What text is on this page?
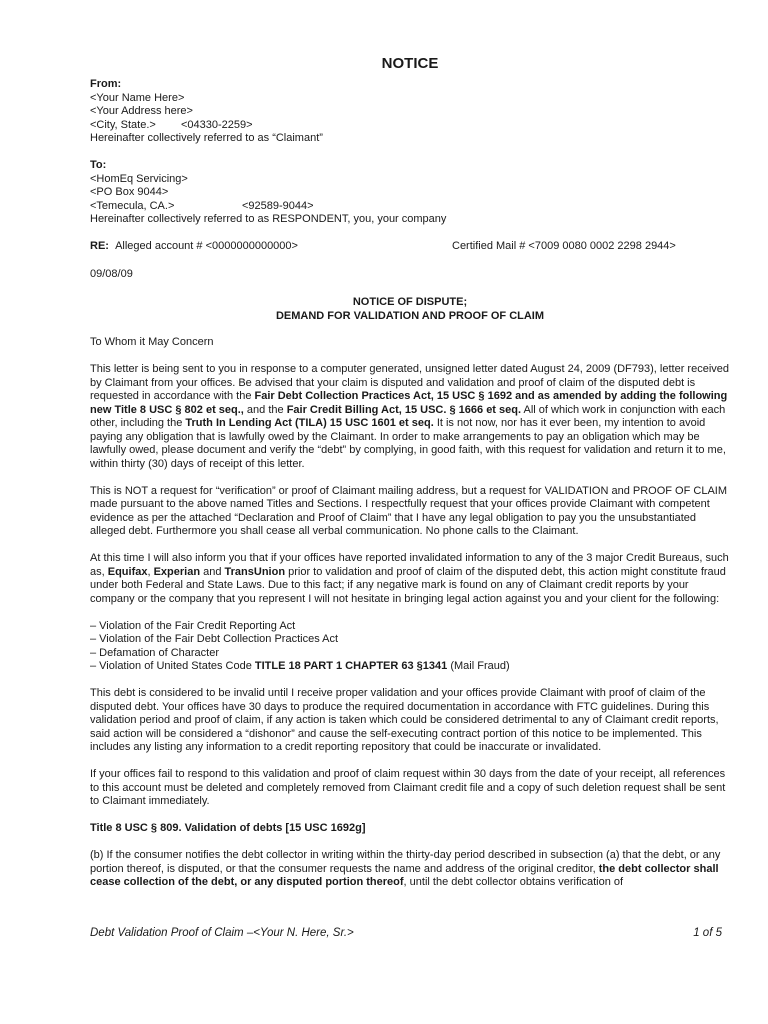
NOTICE
From:
<Your Name Here>
<Your Address here>
<City, State.> <04330-2259>
Hereinafter collectively referred to as “Claimant”
To:
<HomEq Servicing>
<PO Box 9044>
<Temecula, CA.>	<92589-9044>
Hereinafter collectively referred to as RESPONDENT, you, your company
RE: Alleged account # <0000000000000>	Certified Mail # <7009 0080 0002 2298 2944>
09/08/09
NOTICE OF DISPUTE;
DEMAND FOR VALIDATION AND PROOF OF CLAIM

To Whom it May Concern

This letter is being sent to you in response to a computer generated, unsigned letter dated August 24, 2009 (DF793), letter received by Claimant from your offices. Be advised that your claim is disputed and validation and proof of claim of the disputed debt is requested in accordance with the Fair Debt Collection Practices Act, 15 USC § 1692 and as amended by adding the following new Title 8 USC § 802 et seq., and the Fair Credit Billing Act, 15 USC. § 1666 et seq. All of which work in conjunction with each other, including the Truth In Lending Act (TILA) 15 USC 1601 et seq. It is not now, nor has it ever been, my intention to avoid paying any obligation that is lawfully owed by the Claimant. In order to make arrangements to pay an obligation which may be lawfully owed, please document and verify the “debt” by complying, in good faith, with this request for validation and return it to me, within thirty (30) days of receipt of this letter.

This is NOT a request for “verification” or proof of Claimant mailing address, but a request for VALIDATION and PROOF OF CLAIM made pursuant to the above named Titles and Sections. I respectfully request that your offices provide Claimant with competent evidence as per the attached “Declaration and Proof of Claim” that I have any legal obligation to pay you the unsubstantiated alleged debt. Furthermore you shall cease all verbal communication. No phone calls to the Claimant.

At this time I will also inform you that if your offices have reported invalidated information to any of the 3 major Credit Bureaus, such as, Equifax, Experian and TransUnion prior to validation and proof of claim of the disputed debt, this action might constitute fraud under both Federal and State Laws. Due to this fact; if any negative mark is found on any of Claimant credit reports by your company or the company that you represent I will not hesitate in bringing legal action against you and your client for the following:

– Violation of the Fair Credit Reporting Act
– Violation of the Fair Debt Collection Practices Act
– Defamation of Character
– Violation of United States Code TITLE 18 PART 1 CHAPTER 63 §1341 (Mail Fraud)

This debt is considered to be invalid until I receive proper validation and your offices provide Claimant with proof of claim of the disputed debt. Your offices have 30 days to produce the required documentation in accordance with FTC guidelines. During this validation period and proof of claim, if any action is taken which could be considered detrimental to any of Claimant credit reports, said action will be considered a “dishonor” and cause the self-executing contract portion of this notice to be implemented. This includes any listing any information to a credit reporting repository that could be inaccurate or invalidated.

If your offices fail to respond to this validation and proof of claim request within 30 days from the date of your receipt, all references to this account must be deleted and completely removed from Claimant credit file and a copy of such deletion request shall be sent to Claimant immediately.

Title 8 USC § 809. Validation of debts [15 USC 1692g]

(b) If the consumer notifies the debt collector in writing within the thirty-day period described in subsection (a) that the debt, or any portion thereof, is disputed, or that the consumer requests the name and address of the original creditor, the debt collector shall cease collection of the debt, or any disputed portion thereof, until the debt collector obtains verification of

Debt Validation Proof of Claim –<Your N. Here, Sr.>	1 of 5
